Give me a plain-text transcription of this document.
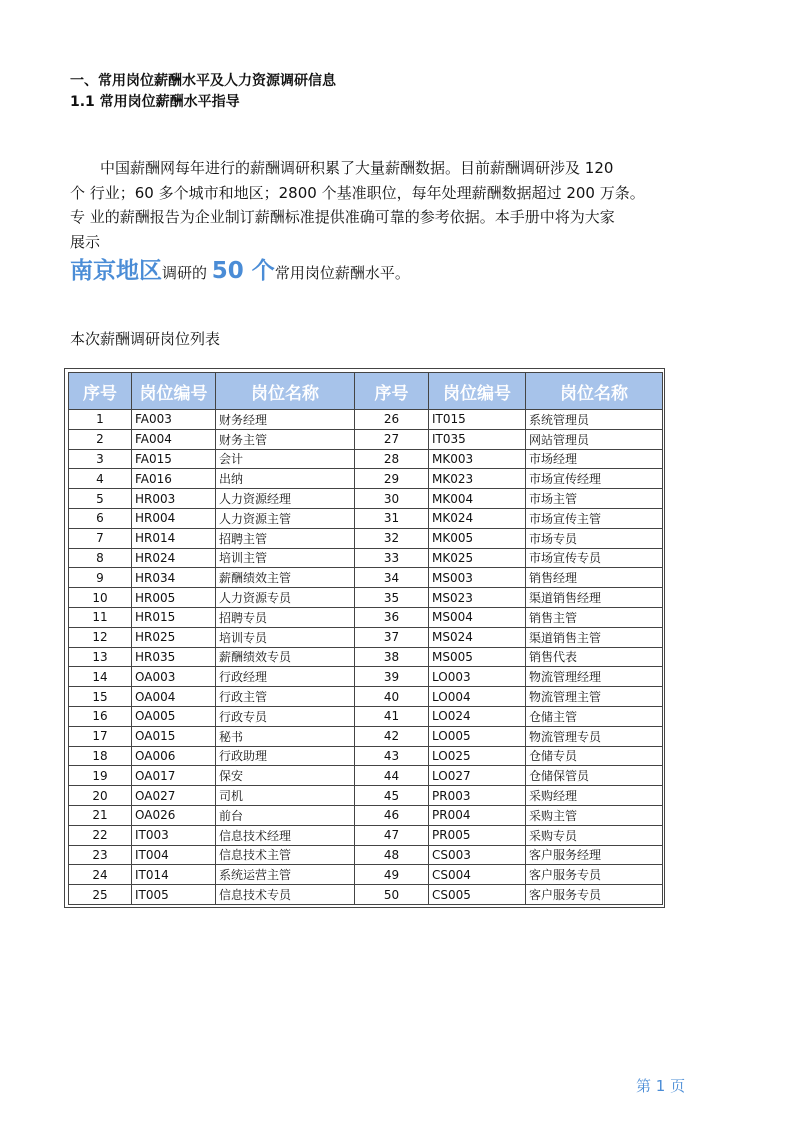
一、常用岗位薪酬水平及人力资源调研信息
1.1 常用岗位薪酬水平指导
中国薪酬网每年进行的薪酬调研积累了大量薪酬数据。目前薪酬调研涉及 120
个 行业；60 多个城市和地区；2800 个基准职位，每年处理薪酬数据超过 200 万条。
专 业的薪酬报告为企业制订薪酬标准提供准确可靠的参考依据。本手册中将为大家
展示
南京地区调研的 50 个常用岗位薪酬水平。
本次薪酬调研岗位列表
序号	岗位编号	岗位名称	序号	岗位编号	岗位名称
1	FA003	财务经理	26	IT015	系统管理员
2	FA004	财务主管	27	IT035	网站管理员
3	FA015	会计	28	MK003	市场经理
4	FA016	出纳	29	MK023	市场宣传经理
5	HR003	人力资源经理	30	MK004	市场主管
6	HR004	人力资源主管	31	MK024	市场宣传主管
7	HR014	招聘主管	32	MK005	市场专员
8	HR024	培训主管	33	MK025	市场宣传专员
9	HR034	薪酬绩效主管	34	MS003	销售经理
10	HR005	人力资源专员	35	MS023	渠道销售经理
11	HR015	招聘专员	36	MS004	销售主管
12	HR025	培训专员	37	MS024	渠道销售主管
13	HR035	薪酬绩效专员	38	MS005	销售代表
14	OA003	行政经理	39	LO003	物流管理经理
15	OA004	行政主管	40	LO004	物流管理主管
16	OA005	行政专员	41	LO024	仓储主管
17	OA015	秘书	42	LO005	物流管理专员
18	OA006	行政助理	43	LO025	仓储专员
19	OA017	保安	44	LO027	仓储保管员
20	OA027	司机	45	PR003	采购经理
21	OA026	前台	46	PR004	采购主管
22	IT003	信息技术经理	47	PR005	采购专员
23	IT004	信息技术主管	48	CS003	客户服务经理
24	IT014	系统运营主管	49	CS004	客户服务专员
25	IT005	信息技术专员	50	CS005	客户服务专员
第 1 页
